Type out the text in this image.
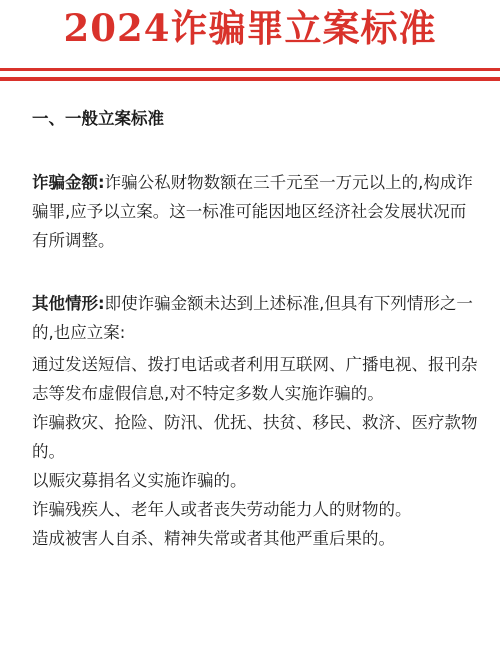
2024诈骗罪立案标准
一、一般立案标准
诈骗金额:诈骗公私财物数额在三千元至一万元以上的,构成诈骗罪,应予以立案。这一标准可能因地区经济社会发展状况而有所调整。
其他情形:即使诈骗金额未达到上述标准,但具有下列情形之一的,也应立案:
通过发送短信、拨打电话或者利用互联网、广播电视、报刊杂志等发布虚假信息,对不特定多数人实施诈骗的。
诈骗救灾、抢险、防汛、优抚、扶贫、移民、救济、医疗款物的。
以赈灾募捐名义实施诈骗的。
诈骗残疾人、老年人或者丧失劳动能力人的财物的。
造成被害人自杀、精神失常或者其他严重后果的。
